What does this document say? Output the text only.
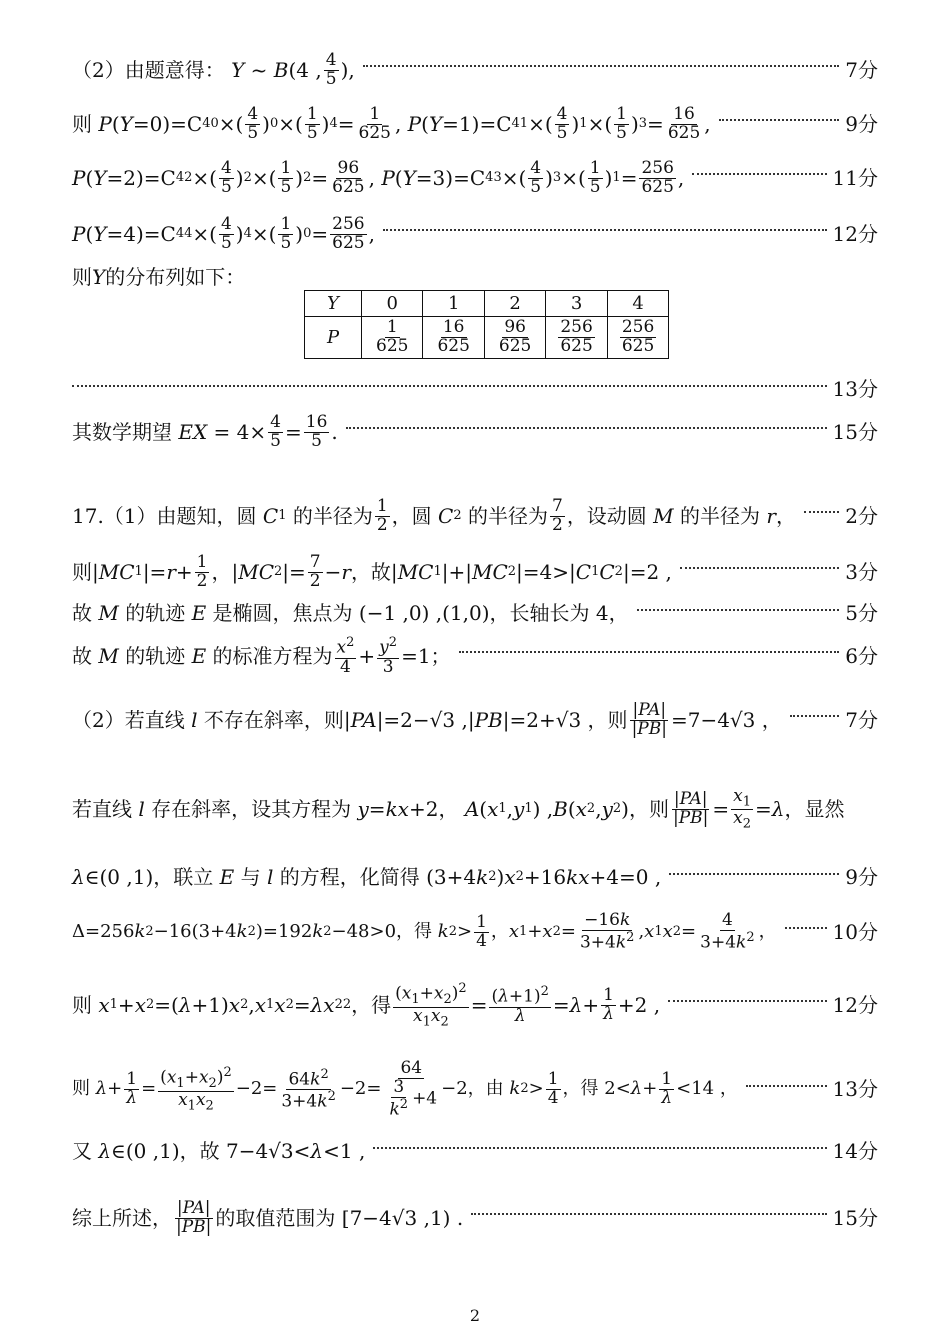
（2）由题意得： Y ~ B (4 , 4
5 ),	7分
则 P ( Y =0)=C 4 0 ×( 4
5 ) 0 ×( 1
5 ) 4 = 1
625 , P ( Y =1)=C 4 1 ×( 4
5 ) 1 ×( 1
5 ) 3 = 16
625 ,	9分
P ( Y =2)=C 4 2 ×( 4
5 ) 2 ×( 1
5 ) 2 = 96
625 , P ( Y =3)=C 4 3 ×( 4
5 ) 3 ×( 1
5 ) 1 = 256
625 ,	11分
P ( Y =4)=C 4 4 ×( 4
5 ) 4 ×( 1
5 ) 0 = 256
625 ,	12分
则 Y 的分布列如下：
Y	0	1	2	3	4
P	$\frac{1}{625}$	$\frac{16}{625}$	$\frac{96}{625}$	$\frac{256}{625}$	$\frac{256}{625}$
13分
其数学期望 EX = 4× 4
5 = 16
5 .	15分
17.（1）由题知，圆 C 1 的半径为 1
2 ，圆 C 2 的半径为 7
2 ，设动圆 M 的半径为 r ， 2分
则| MC 1 |= r + 1
2 ，| MC 2 |= 7
2 − r ，故| MC 1 |+| MC 2 |=4>| C 1 C 2 |=2 ,	3分
故 M 的轨迹 E 是椭圆，焦点为 (−1 ,0) ,(1,0)，长轴长为 4，	5分
故 M 的轨迹 E 的标准方程为 $x^2$
$4 + y^2$
3 =1；	6分
（2）若直线 l 不存在斜率，则| PA |=2−√3 ,| PB |=2+√3 ，则 |PA|
|PB| =7−4√3 ，	7分
若直线 l 存在斜率，设其方程为 y = kx +2， A ( x 1 , y 1 ) , B ( x 2 , y 2 )，则 |PA|
|PB| =
$x_1$
$x_2$
= λ ，显然
λ ∈(0 ,1)，联立 E 与 l 的方程，化简得 (3+4 k 2 ) x 2 +16 kx +4=0 ,	9分
Δ=256 k 2 −16(3+4 k 2 )=192 k 2 −48>0，得 k 2 > 1
4 ， x 1 + x 2 =
−16k
$3+4k^2$ , x 1 x 2 =
4
$3+4k^2$ ，	10分
则 x 1 + x 2 =( λ +1) x 2 , x 1 x 2 = λx 2 2 ，得 $(x_1+x_2)^2$
$x_1x_2$
= $(\lambda+1)^2$
λ = λ + 1
λ +2 ,	12分
则 λ + 1
λ =
$(x_1+x_2)^2$
$x_1x_2$
$-2= 64k^2$
$3+4k^2 -2=$
64
$\frac{3}{k^2} +4 -2$，由 k 2 > 1
4 ，得 2< λ + 1
λ <14 ，	13分
又 λ ∈(0 ,1)，故 7−4√3< λ <1 ,	14分
综上所述， |PA|
|PB| 的取值范围为 [7−4√3 ,1) .	15分
2
